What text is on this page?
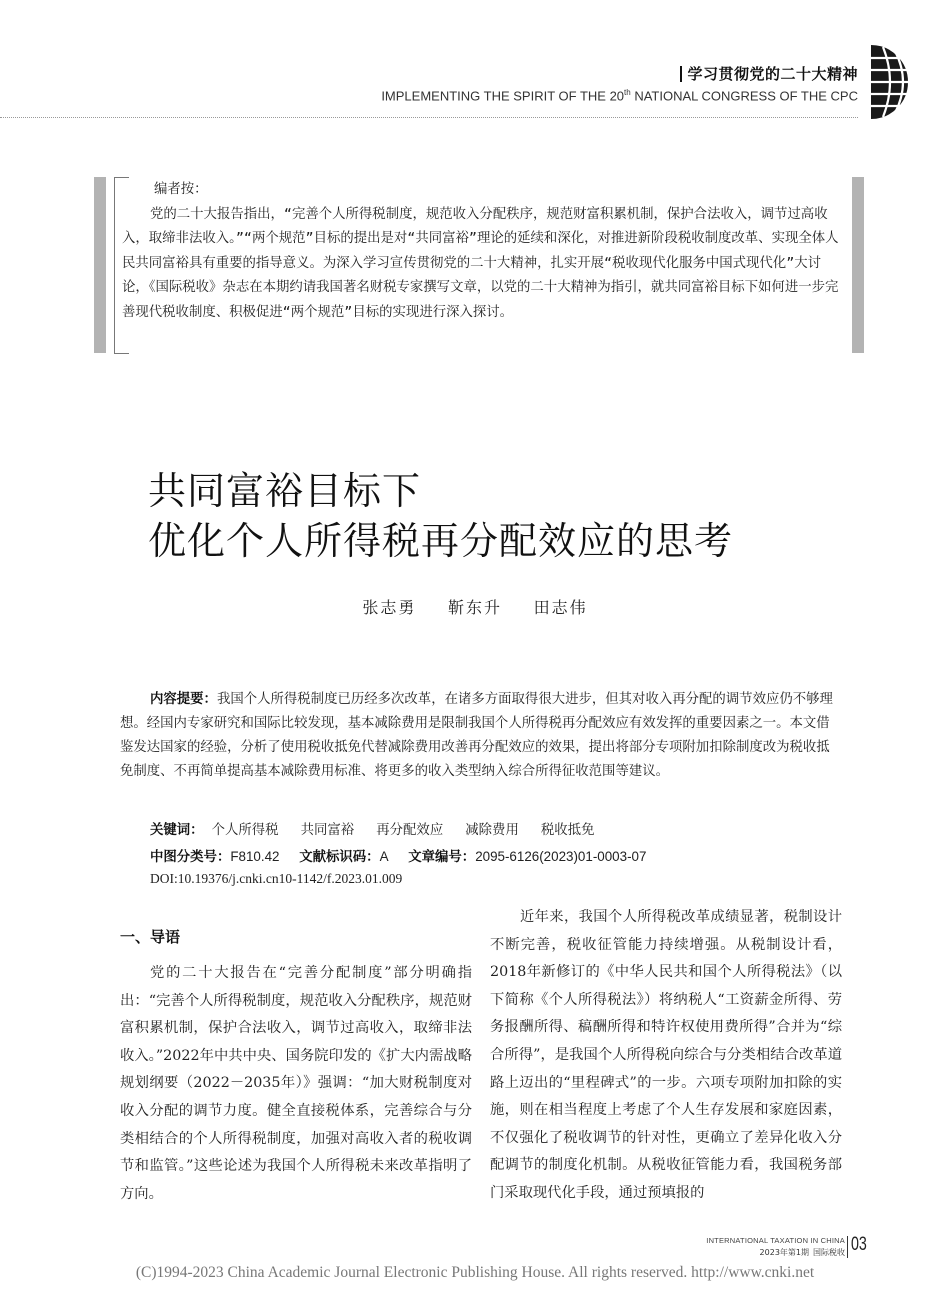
学习贯彻党的二十大精神
IMPLEMENTING THE SPIRIT OF THE 20th NATIONAL CONGRESS OF THE CPC
编者按：
党的二十大报告指出，“完善个人所得税制度，规范收入分配秩序，规范财富积累机制，保护合法收入，调节过高收入，取缔非法收入。”“两个规范”目标的提出是对“共同富裕”理论的延续和深化，对推进新阶段税收制度改革、实现全体人民共同富裕具有重要的指导意义。为深入学习宣传贯彻党的二十大精神，扎实开展“税收现代化服务中国式现代化”大讨论，《国际税收》杂志在本期约请我国著名财税专家撰写文章，以党的二十大精神为指引，就共同富裕目标下如何进一步完善现代税收制度、积极促进“两个规范”目标的实现进行深入探讨。
共同富裕目标下
优化个人所得税再分配效应的思考
张志勇 靳东升 田志伟
内容提要：我国个人所得税制度已历经多次改革，在诸多方面取得很大进步，但其对收入再分配的调节效应仍不够理想。经国内专家研究和国际比较发现，基本减除费用是限制我国个人所得税再分配效应有效发挥的重要因素之一。本文借鉴发达国家的经验，分析了使用税收抵免代替减除费用改善再分配效应的效果，提出将部分专项附加扣除制度改为税收抵免制度、不再简单提高基本减除费用标准、将更多的收入类型纳入综合所得征收范围等建议。
关键词： 个人所得税 共同富裕 再分配效应 减除费用 税收抵免
中图分类号：F810.42 文献标识码：A 文章编号：2095-6126(2023)01-0003-07
DOI:10.19376/j.cnki.cn10-1142/f.2023.01.009
一、导语

党的二十大报告在“完善分配制度”部分明确指出：“完善个人所得税制度，规范收入分配秩序，规范财富积累机制，保护合法收入，调节过高收入，取缔非法收入。”2022年中共中央、国务院印发的《扩大内需战略规划纲要（2022－2035年）》强调：“加大财税制度对收入分配的调节力度。健全直接税体系，完善综合与分类相结合的个人所得税制度，加强对高收入者的税收调节和监管。”这些论述为我国个人所得税未来改革指明了方向。

近年来，我国个人所得税改革成绩显著，税制设计不断完善，税收征管能力持续增强。从税制设计看，2018年新修订的《中华人民共和国个人所得税法》（以下简称《个人所得税法》）将纳税人“工资薪金所得、劳务报酬所得、稿酬所得和特许权使用费所得”合并为“综合所得”，是我国个人所得税向综合与分类相结合改革道路上迈出的“里程碑式”的一步。六项专项附加扣除的实施，则在相当程度上考虑了个人生存发展和家庭因素，不仅强化了税收调节的针对性，更确立了差异化收入分配调节的制度化机制。从税收征管能力看，我国税务部门采取现代化手段，通过预填报的

INTERNATIONAL TAXATION IN CHINA
2023年第1期 国际税收 03
(C)1994-2023 China Academic Journal Electronic Publishing House. All rights reserved. http://www.cnki.net
